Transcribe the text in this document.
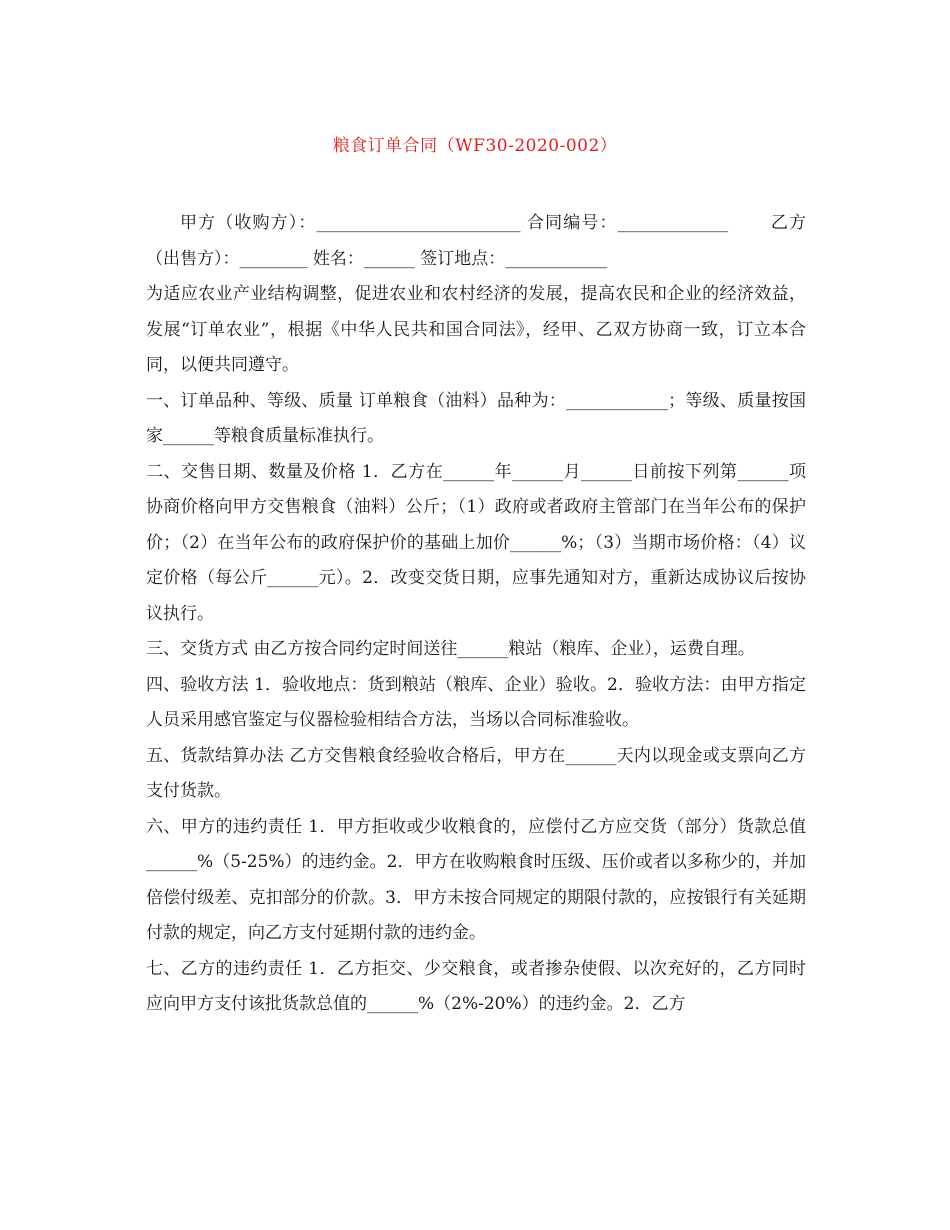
粮食订单合同（WF30-2020-002）

甲方（收购方）：________________________ 合同编号：_____________ 　　乙方（出售方）：________ 姓名：______ 签订地点：____________

为适应农业产业结构调整，促进农业和农村经济的发展，提高农民和企业的经济效益，发展“订单农业”，根据《中华人民共和国合同法》，经甲、乙双方协商一致，订立本合同，以便共同遵守。

一、订单品种、等级、质量 订单粮食（油料）品种为：____________；等级、质量按国家______等粮食质量标准执行。

二、交售日期、数量及价格 1．乙方在______年______月______日前按下列第______项协商价格向甲方交售粮食（油料）公斤；（1）政府或者政府主管部门在当年公布的保护价；（2）在当年公布的政府保护价的基础上加价______%；（3）当期市场价格：（4）议定价格（每公斤______元）。2．改变交货日期，应事先通知对方，重新达成协议后按协议执行。

三、交货方式 由乙方按合同约定时间送往______粮站（粮库、企业），运费自理。

四、验收方法 1．验收地点：货到粮站（粮库、企业）验收。2．验收方法：由甲方指定人员采用感官鉴定与仪器检验相结合方法，当场以合同标准验收。

五、货款结算办法 乙方交售粮食经验收合格后，甲方在______天内以现金或支票向乙方支付货款。

六、甲方的违约责任 1．甲方拒收或少收粮食的，应偿付乙方应交货（部分）货款总值______%（5-25%）的违约金。2．甲方在收购粮食时压级、压价或者以多称少的，并加倍偿付级差、克扣部分的价款。3．甲方未按合同规定的期限付款的，应按银行有关延期付款的规定，向乙方支付延期付款的违约金。

七、乙方的违约责任 1．乙方拒交、少交粮食，或者掺杂使假、以次充好的，乙方同时应向甲方支付该批货款总值的______%（2%-20%）的违约金。2．乙方
